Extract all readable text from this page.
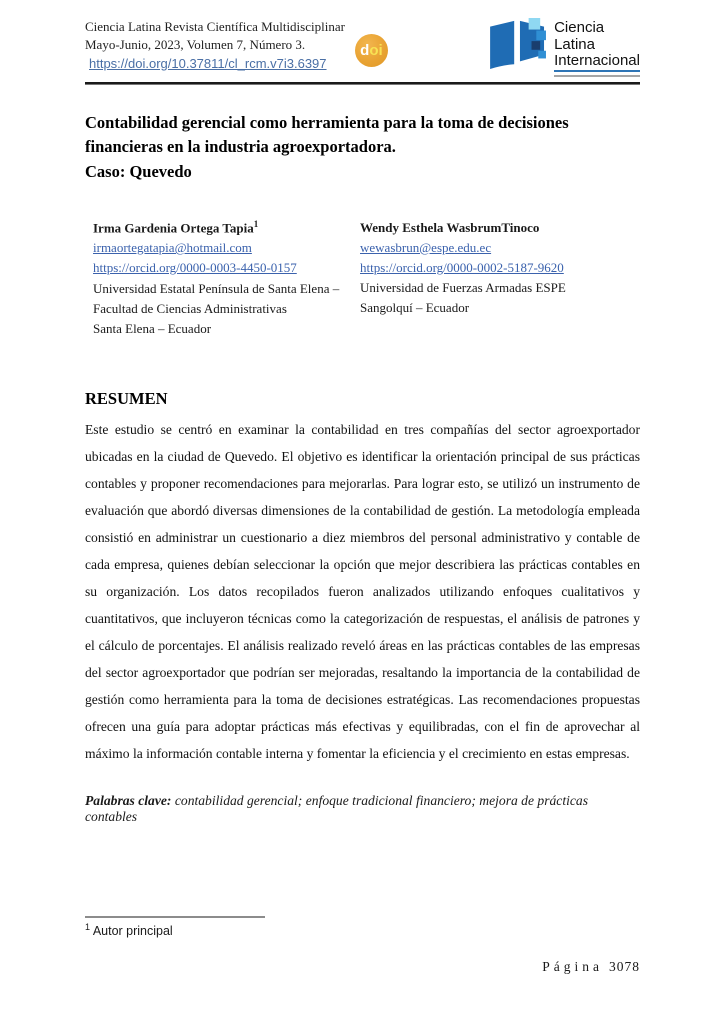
Ciencia Latina Revista Científica Multidisciplinar
Mayo-Junio, 2023, Volumen 7, Número 3.
https://doi.org/10.37811/cl_rcm.v7i3.6397
d oi
Ciencia
Latina
Internacional
Contabilidad gerencial como herramienta para la toma de decisiones financieras en la industria agroexportadora.
Caso: Quevedo
Irma Gardenia Ortega Tapia$^1$
irmaortegatapia@hotmail.com
https://orcid.org/0000-0003-4450-0157
Universidad Estatal Península de Santa Elena –
Facultad de Ciencias Administrativas
Santa Elena – Ecuador
Wendy Esthela WasbrumTinoco
wewasbrun@espe.edu.ec
https://orcid.org/0000-0002-5187-9620
Universidad de Fuerzas Armadas ESPE
Sangolquí – Ecuador
RESUMEN

Este estudio se centró en examinar la contabilidad en tres compañías del sector agroexportador ubicadas en la ciudad de Quevedo. El objetivo es identificar la orientación principal de sus prácticas contables y proponer recomendaciones para mejorarlas. Para lograr esto, se utilizó un instrumento de evaluación que abordó diversas dimensiones de la contabilidad de gestión. La metodología empleada consistió en administrar un cuestionario a diez miembros del personal administrativo y contable de cada empresa, quienes debían seleccionar la opción que mejor describiera las prácticas contables en su organización. Los datos recopilados fueron analizados utilizando enfoques cualitativos y cuantitativos, que incluyeron técnicas como la categorización de respuestas, el análisis de patrones y el cálculo de porcentajes. El análisis realizado reveló áreas en las prácticas contables de las empresas del sector agroexportador que podrían ser mejoradas, resaltando la importancia de la contabilidad de gestión como herramienta para la toma de decisiones estratégicas. Las recomendaciones propuestas ofrecen una guía para adoptar prácticas más efectivas y equilibradas, con el fin de aprovechar al máximo la información contable interna y fomentar la eficiencia y el crecimiento en estas empresas.

Palabras clave: contabilidad gerencial; enfoque tradicional financiero; mejora de prácticas contables

$^1$ Autor principal
Página 3078
